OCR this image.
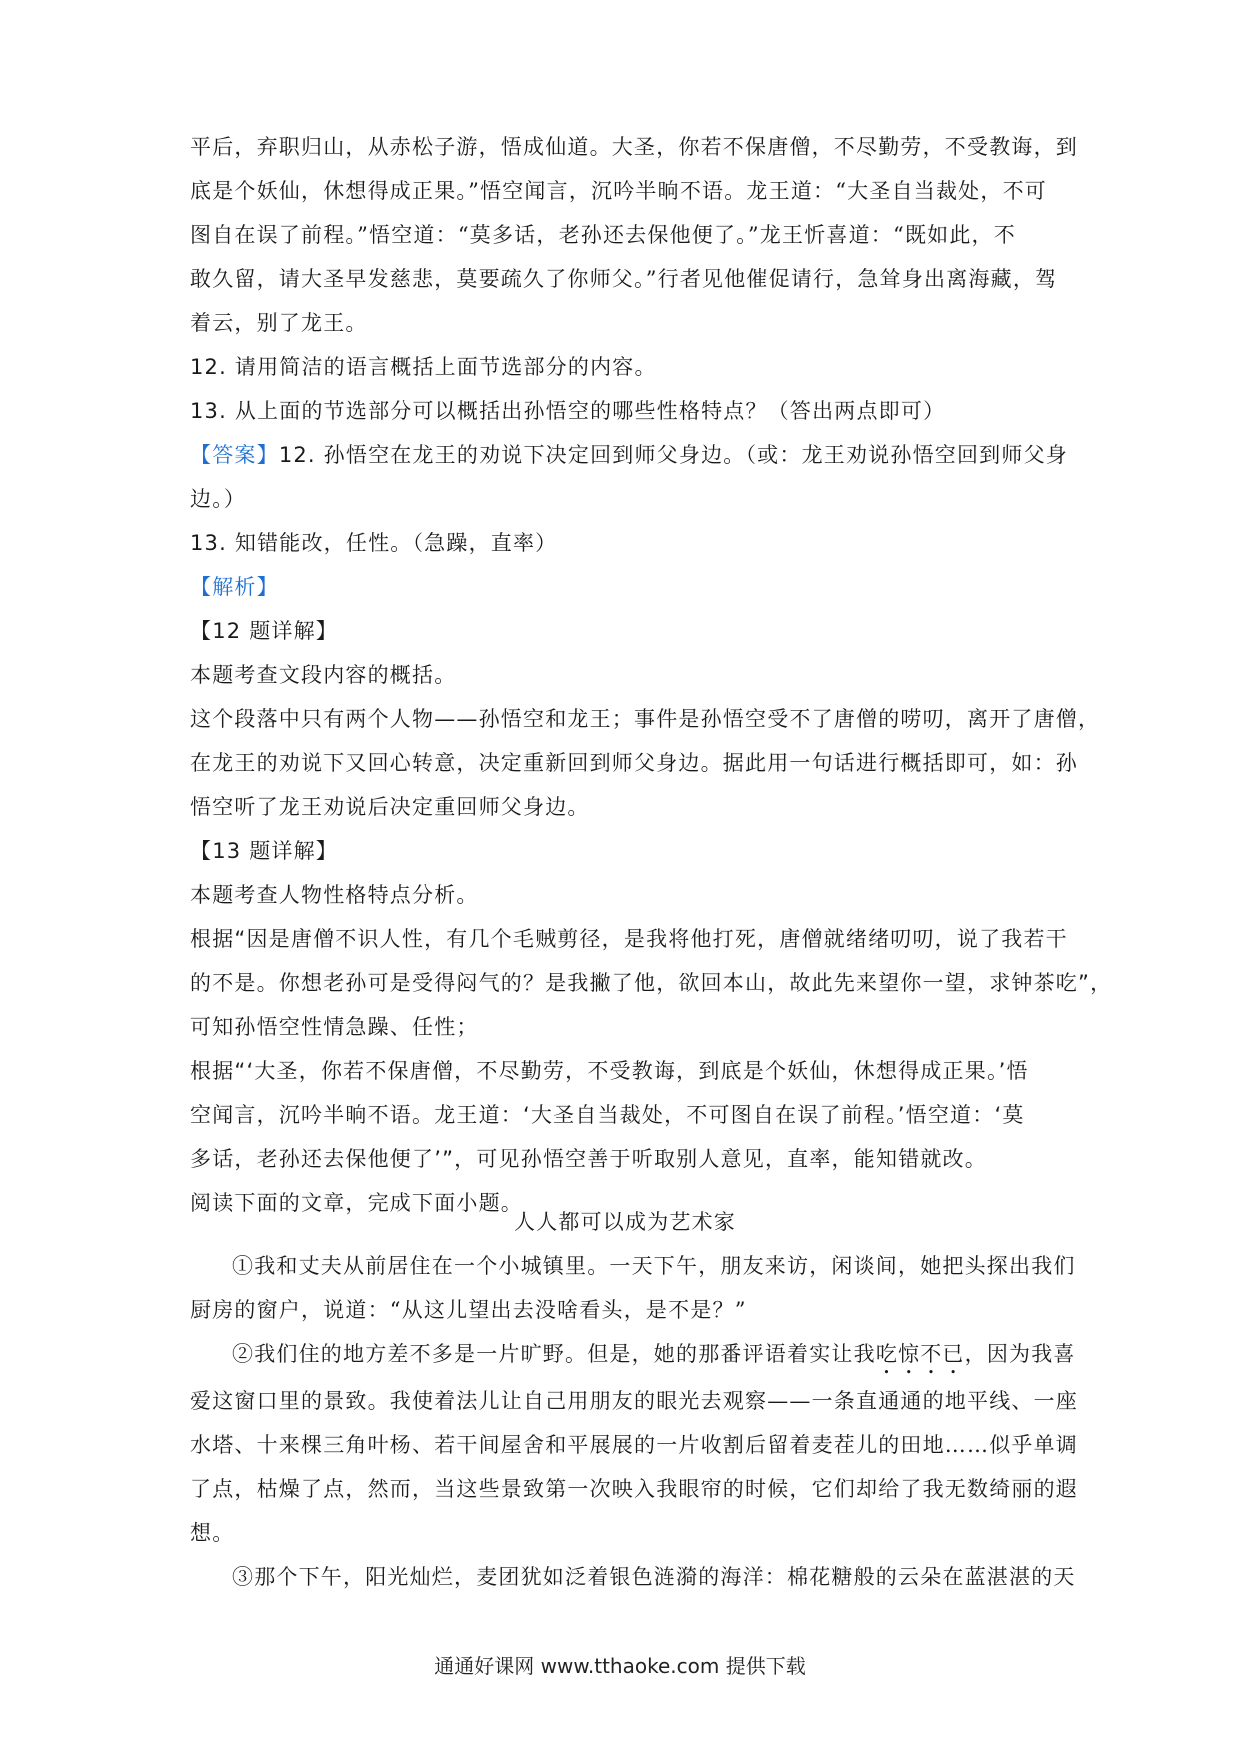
平后，弃职归山，从赤松子游，悟成仙道。大圣，你若不保唐僧，不尽勤劳，不受教诲，到
底是个妖仙，休想得成正果。”悟空闻言，沉吟半晌不语。龙王道：“大圣自当裁处，不可
图自在误了前程。”悟空道：“莫多话，老孙还去保他便了。”龙王忻喜道：“既如此，不
敢久留，请大圣早发慈悲，莫要疏久了你师父。”行者见他催促请行，急耸身出离海藏，驾
着云，别了龙王。
12. 请用简洁的语言概括上面节选部分的内容。
13. 从上面的节选部分可以概括出孙悟空的哪些性格特点？（答出两点即可）
【答案】12. 孙悟空在龙王的劝说下决定回到师父身边。（或：龙王劝说孙悟空回到师父身
边。）
13. 知错能改，任性。（急躁，直率）
【解析】
【12 题详解】
本题考查文段内容的概括。
这个段落中只有两个人物——孙悟空和龙王；事件是孙悟空受不了唐僧的唠叨，离开了唐僧，
在龙王的劝说下又回心转意，决定重新回到师父身边。据此用一句话进行概括即可，如：孙
悟空听了龙王劝说后决定重回师父身边。
【13 题详解】
本题考查人物性格特点分析。
根据“因是唐僧不识人性，有几个毛贼剪径，是我将他打死，唐僧就绪绪叨叨，说了我若干
的不是。你想老孙可是受得闷气的？是我撇了他，欲回本山，故此先来望你一望，求钟茶吃”，
可知孙悟空性情急躁、任性；
根据“‘大圣，你若不保唐僧，不尽勤劳，不受教诲，到底是个妖仙，休想得成正果。’悟
空闻言，沉吟半晌不语。龙王道：‘大圣自当裁处，不可图自在误了前程。’悟空道：‘莫
多话，老孙还去保他便了’”，可见孙悟空善于听取别人意见，直率，能知错就改。
阅读下面的文章，完成下面小题。
人人都可以成为艺术家
①我和丈夫从前居住在一个小城镇里。一天下午，朋友来访，闲谈间，她把头探出我们
厨房的窗户，说道：“从这儿望出去没啥看头，是不是？”
②我们住的地方差不多是一片旷野。但是，她的那番评语着实让我吃惊不已，因为我喜
爱这窗口里的景致。我使着法儿让自己用朋友的眼光去观察——一条直通通的地平线、一座
水塔、十来棵三角叶杨、若干间屋舍和平展展的一片收割后留着麦茬儿的田地……似乎单调
了点，枯燥了点，然而，当这些景致第一次映入我眼帘的时候，它们却给了我无数绮丽的遐
想。
③那个下午，阳光灿烂，麦团犹如泛着银色涟漪的海洋：棉花糖般的云朵在蓝湛湛的天
通通好课网 www.tthaoke.com 提供下载
